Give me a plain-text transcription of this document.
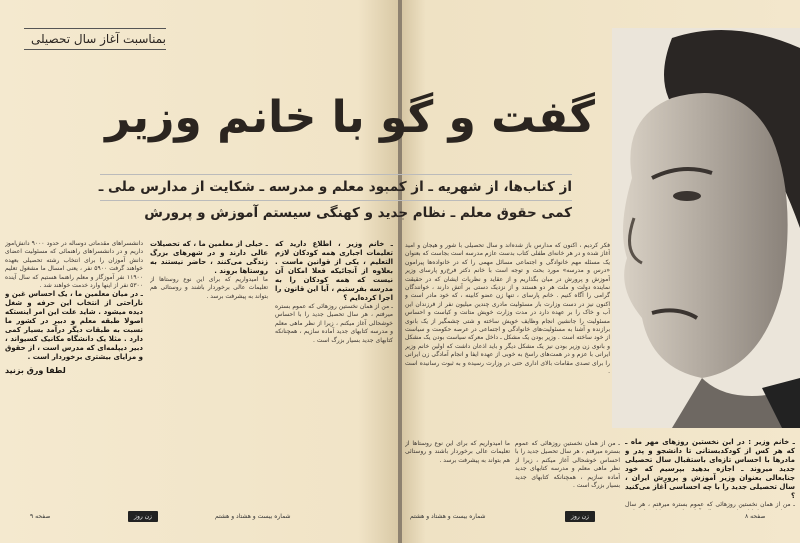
بمناسبت آغاز سال تحصیلی
گفت و گو با خانم وزیر
از کتاب‌ها، از شهریه ـ از کمبود معلم و مدرسه ـ شکایت از مدارس ملی ـ
کمی حقوق معلم ـ نظام جدید و کهنگی سیستم آموزش و پرورش
فکر کردیم ، اکنون که مدارس باز شده‌اند و سال تحصیلی با شور و هیجان و امید آغاز شده و در هر خانه‌ای طفلی کتاب بدست عازم مدرسه است بجاست که بعنوان یک مسئله مهم خانوادگی و اجتماعی مسائل مهمی را که در خانواده‌ها پیرامون «درس و مدرسه» مورد بحث و توجه است با خانم دکتر فرخ‌رو پارسای وزیر آموزش و پرورش در میان بگذاریم و از عقاید و نظریات ایشان که در حقیقت نماینده دولت و ملت هر دو هستند و از نزدیک دستی بر آتش دارند ، خوانندگان گرامی را آگاه کنیم . خانم پارسای ، تنها زن عضو کابینه ، که خود مادر است و اکنون نیز در دست وزارت بار مسئولیت مادری چندین میلیون نفر از فرزندان این آب و خاک را بر عهده دارد در مدت وزارت خویش متانت و کیاست و احساس مسئولیت را جانشین انجام وظایف خویش ساخته و شتی چشمگیر از یک بانوی برازنده و آشنا به مسئولیت‌های خانوادگی و اجتماعی در عرصه حکومت و سیاست از خود ساخته است . وزیر بودن یک مشکل ـ داخل معرکه سیاست بودن یک مشکل و بانوی زن وزیر بودن نیز یک مشکل دیگر و باید اذعان داشت که اولین خانم وزیر ایرانی با عزم و در همت‌های راسخ به خوبی از عهده ایفا و انجام آمادگی زن ایرانی را برای تصدی مقامات بالای اداری حتی در وزارت رسیده و به ثبوت رسانیده است .
ـ خانم وزیر : در این نخستین روزهای مهر ماه ـ که هر کس از کودکدبستانی تا دانشجو و پدر و مادرها با احساس تازه‌ای باستقبال سال تحصیلی جدید میروند ـ اجازه بدهید بپرسیم که خود جنابعالی بعنوان وزیر آموزش و پرورش ایران ، سال تحصیلی جدید را با چه احساسی آغاز می‌کنید ؟
ـ من از همان نخستین روزهائی که عموم بستره میرفتم ، هر سال
ـ من از همان نخستین روزهائی که عموم بستره میرفتم ، هر سال تحصیل جدید را با احساس خوشحالی آغاز میکنم ، زیرا از نظر ماهی معلم و مدرسه کتابهای جدید آماده سازیم ، همچنانکه کتابهای جدید بسیار بزرگ است .
ما امیدواریم که برای این نوع روستاها از تعلیمات عالی برخوردار باشند و روستائی هم بتواند به پیشرفت برسد .
ـ خانم وزیر ، اطلاع دارید که تعلیمات اجباری همه کودکان لازم التعلیم ، یکی از قوانین ماست . بعلاوه از آنجائیکه فعلا امکان آن نیست که همه کودکان را به مدرسه بفرستیم ، آیا این قانون را اجرا کرده‌ایم ؟
ـ من از همان نخستین روزهائی که عموم بستره میرفتم ، هر سال تحصیل جدید را با احساس خوشحالی آغاز میکنم ، زیرا از نظر ماهی معلم و مدرسه کتابهای جدید آماده سازیم ، همچنانکه کتابهای جدید بسیار بزرگ است .
ـ خیلی از معلمین ما ، که تحصیلات عالی دارند و در شهرهای بزرگ زندگی می‌کنند ، حاضر نیستند به روستاها بروند .
ما امیدواریم که برای این نوع روستاها از تعلیمات عالی برخوردار باشند و روستائی هم بتواند به پیشرفت برسد .
دانشسراهای مقدماتی دوساله در حدود ۹۰۰۰ دانش‌آموز داریم و در دانشسراهای راهنمائی که مسئولیت اعضای دانش آموزان را برای انتخاب رشته تحصیلی بعهده خواهند گرفت ۵۹۰۰ نفر ، یعنی امسال ما مشغول تعلیم ۱۱۹۰۰ نفر آموزگار و معلم راهنما هستیم که سال آینده ۵۳۰۰ نفر از اینها وارد خدمت خواهند شد .
ـ در میان معلمین ما ، یک احساس غبن و ناراحتی از انتخاب این حرفه و شغل دیده میشود . شاید علت این امر اینستکه اصولا طبقه معلم و دبیر در کشور ما نسبت به طبقات دیگر درآمد بسیار کمی دارد . مثلا یک دانشگاه مکانیک کسیواند ، دبیر دیپلمه‌ای که مدرس است ، از حقوق و مزایای بیشتری برخوردار است .
لطفا ورق بزنید
صفحه ۹	زن روز	شماره بیست و هشتاد و هشتم	شماره بیست و هشتاد و هشتم	زن روز	صفحه ۸
